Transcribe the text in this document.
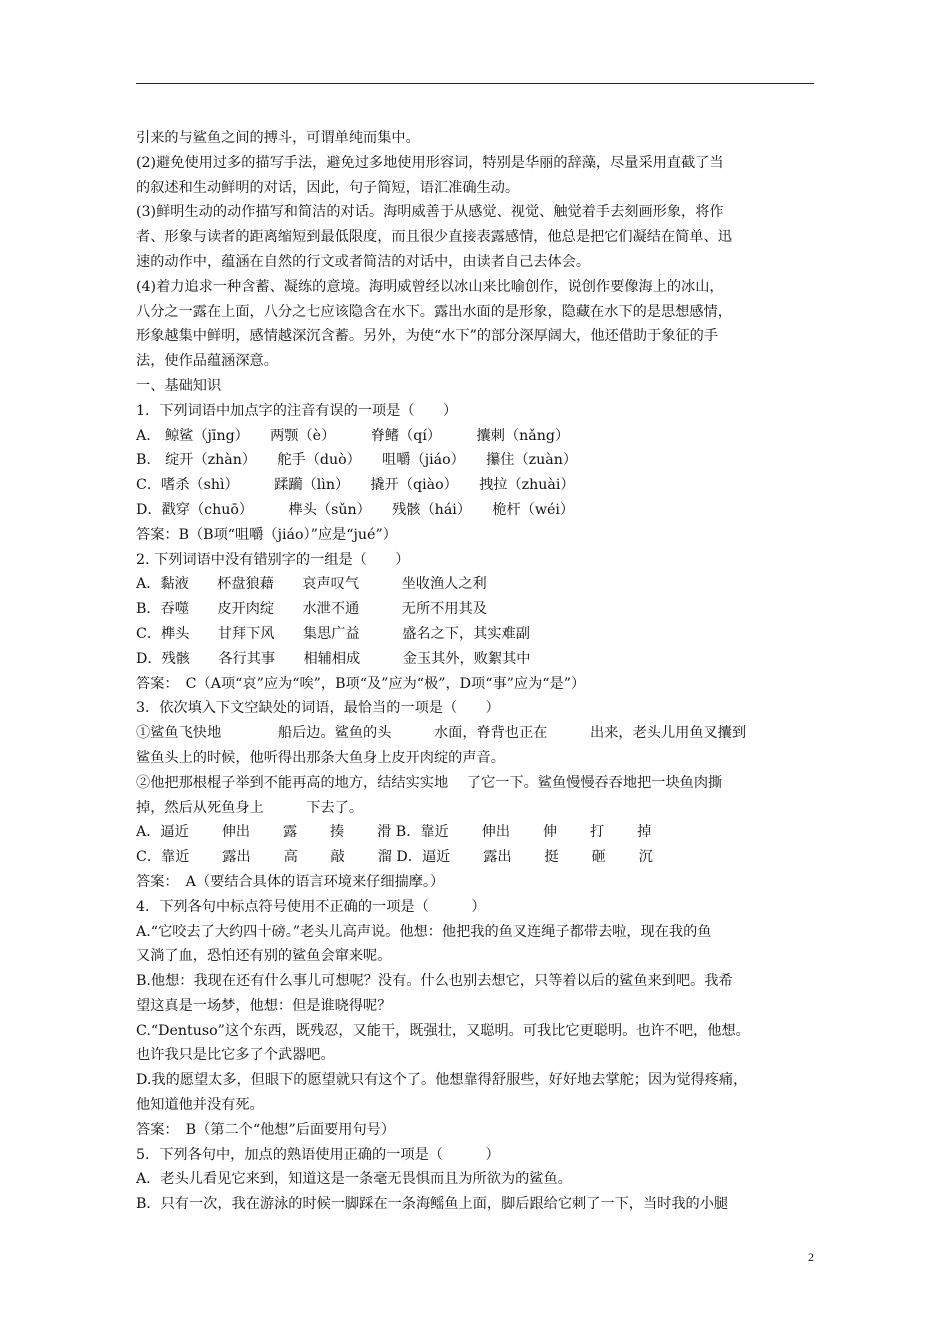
引来的与鲨鱼之间的搏斗，可谓单纯而集中。
(2)避免使用过多的描写手法，避免过多地使用形容词，特别是华丽的辞藻，尽量采用直截了当
的叙述和生动鲜明的对话，因此，句子简短，语汇准确生动。
(3)鲜明生动的动作描写和简洁的对话。海明威善于从感觉、视觉、触觉着手去刻画形象，将作
者、形象与读者的距离缩短到最低限度，而且很少直接表露感情，他总是把它们凝结在简单、迅
速的动作中，蕴涵在自然的行文或者简洁的对话中，由读者自己去体会。
(4)着力追求一种含蓄、凝练的意境。海明威曾经以冰山来比喻创作，说创作要像海上的冰山，
八分之一露在上面，八分之七应该隐含在水下。露出水面的是形象，隐藏在水下的是思想感情，
形象越集中鲜明，感情越深沉含蓄。另外，为使“水下”的部分深厚阔大，他还借助于象征的手
法，使作品蕴涵深意。
一、基础知识
1．下列词语中加点字的注音有误的一项是（　　）
A.　鲸鲨（jīng）　　两颚（è）　　　脊鳍（qí）　　　攮刺（nǎng）
B.　绽开（zhàn）　　舵手（duò）　　咀嚼（jiáo）　　攥住（zuàn）
C．嗜杀（shì）　　　蹂躏（lìn）　　撬开（qiào）　　拽拉（zhuài）
D．戳穿（chuō）　　　榫头（sǔn）　　残骸（hái）　　桅杆（wéi）
答案：B（B项“咀嚼（jiáo）”应是“jué”）
2. 下列词语中没有错别字的一组是（　　）
A．黏液　　杯盘狼藉　　哀声叹气　　　坐收渔人之利
B．吞噬　　皮开肉绽　　水泄不通　　　无所不用其及
C．榫头　　甘拜下风　　集思广益　　　盛名之下，其实难副
D．残骸　　各行其事　　相辅相成　　　金玉其外，败絮其中
答案：　C（A项“哀”应为“唉”，B项“及”应为“极”，D项“事”应为“是”）
3．依次填入下文空缺处的词语，最恰当的一项是（　　）
①鲨鱼飞快地　　　　船后边。鲨鱼的头　　　水面，脊背也正在　　　出来，老头儿用鱼叉攮到
鲨鱼头上的时候，他听得出那条大鱼身上皮开肉绽的声音。
②他把那根棍子举到不能再高的地方，结结实实地　 了它一下。鲨鱼慢慢吞吞地把一块鱼肉撕
掉，然后从死鱼身上　　　下去了。
A．逼近　　 伸出　　 露　　 揍　　 滑 B．靠近　　 伸出　　 伸　　 打　　 掉
C．靠近　　 露出　　 高　　 敲　　 溜 D．逼近　　 露出　　 挺　　 砸　　 沉
答案：　A（要结合具体的语言环境来仔细揣摩。）
4．下列各句中标点符号使用不正确的一项是（　　　）
A.“它咬去了大约四十磅。”老头儿高声说。他想：他把我的鱼叉连绳子都带去啦，现在我的鱼
又淌了血，恐怕还有别的鲨鱼会窜来呢。
B.他想：我现在还有什么事儿可想呢？没有。什么也别去想它，只等着以后的鲨鱼来到吧。我希
望这真是一场梦，他想：但是谁晓得呢？
C.“Dentuso”这个东西，既残忍，又能干，既强壮，又聪明。可我比它更聪明。也许不吧，他想。
也许我只是比它多了个武器吧。
D.我的愿望太多，但眼下的愿望就只有这个了。他想靠得舒服些，好好地去掌舵；因为觉得疼痛，
他知道他并没有死。
答案：　B（第二个“他想”后面要用句号）
5．下列各句中，加点的熟语使用正确的一项是（　　　）
A．老头儿看见它来到，知道这是一条毫无畏惧而且为所欲为的鲨鱼。
B．只有一次，我在游泳的时候一脚踩在一条海鳐鱼上面，脚后跟给它刺了一下，当时我的小腿
2
